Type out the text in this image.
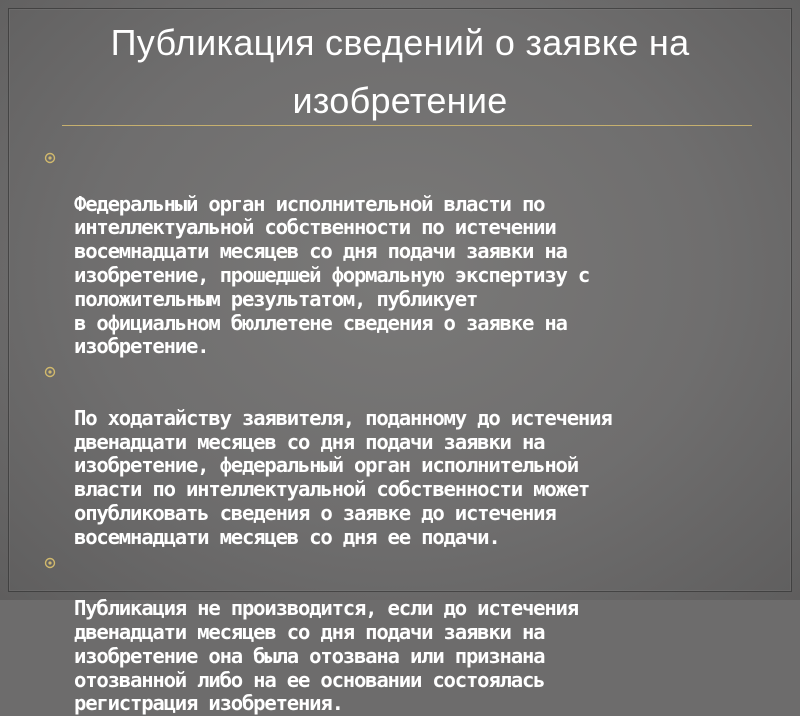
Публикация сведений о заявке на
изобретение

Федеральный орган исполнительной власти по
интеллектуальной собственности по истечении
восемнадцати месяцев со дня подачи заявки на
изобретение, прошедшей формальную экспертизу с
положительным результатом, публикует
в официальном бюллетене сведения о заявке на
изобретение.

По ходатайству заявителя, поданному до истечения
двенадцати месяцев со дня подачи заявки на
изобретение, федеральный орган исполнительной
власти по интеллектуальной собственности может
опубликовать сведения о заявке до истечения
восемнадцати месяцев со дня ее подачи.

Публикация не производится, если до истечения
двенадцати месяцев со дня подачи заявки на
изобретение она была отозвана или признана
отозванной либо на ее основании состоялась
регистрация изобретения.
